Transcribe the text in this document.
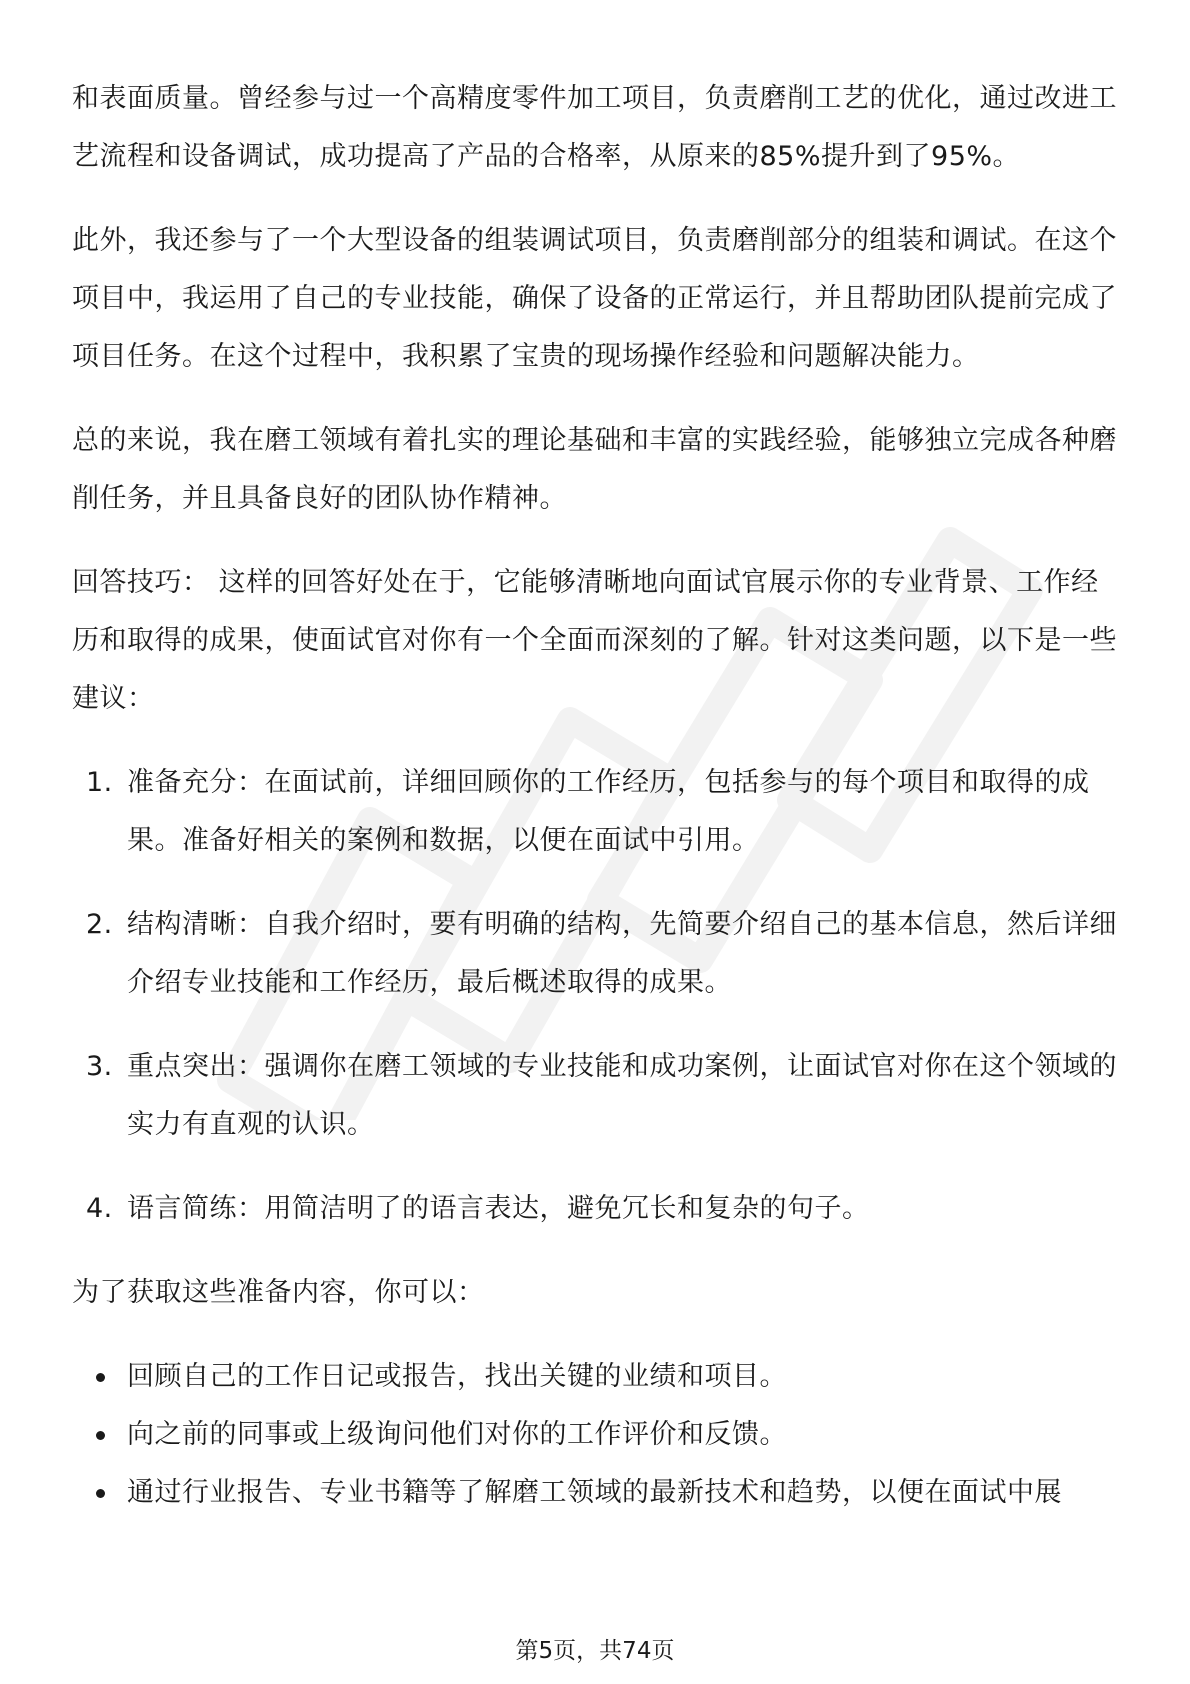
和表面质量。曾经参与过一个高精度零件加工项目，负责磨削工艺的优化，通过改进工艺流程和设备调试，成功提高了产品的合格率，从原来的85%提升到了95%。

此外，我还参与了一个大型设备的组装调试项目，负责磨削部分的组装和调试。在这个项目中，我运用了自己的专业技能，确保了设备的正常运行，并且帮助团队提前完成了项目任务。在这个过程中，我积累了宝贵的现场操作经验和问题解决能力。

总的来说，我在磨工领域有着扎实的理论基础和丰富的实践经验，能够独立完成各种磨削任务，并且具备良好的团队协作精神。

回答技巧： 这样的回答好处在于，它能够清晰地向面试官展示你的专业背景、工作经历和取得的成果，使面试官对你有一个全面而深刻的了解。针对这类问题，以下是一些建议：

1. 准备充分：在面试前，详细回顾你的工作经历，包括参与的每个项目和取得的成果。准备好相关的案例和数据，以便在面试中引用。
2. 结构清晰：自我介绍时，要有明确的结构，先简要介绍自己的基本信息，然后详细介绍专业技能和工作经历，最后概述取得的成果。
3. 重点突出：强调你在磨工领域的专业技能和成功案例，让面试官对你在这个领域的实力有直观的认识。
4. 语言简练：用简洁明了的语言表达，避免冗长和复杂的句子。

为了获取这些准备内容，你可以：

回顾自己的工作日记或报告，找出关键的业绩和项目。
向之前的同事或上级询问他们对你的工作评价和反馈。
通过行业报告、专业书籍等了解磨工领域的最新技术和趋势，以便在面试中展
第5页，共74页
